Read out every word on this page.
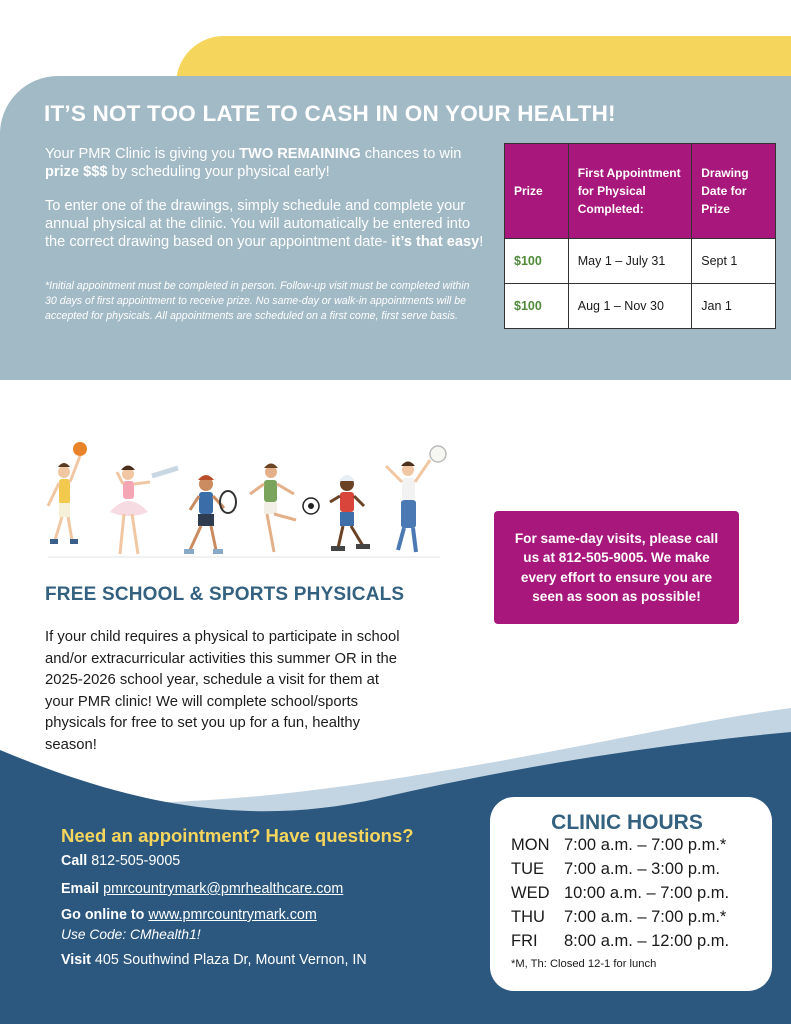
IT’S NOT TOO LATE TO CASH IN ON YOUR HEALTH!

Your PMR Clinic is giving you TWO REMAINING chances to win prize $$$ by scheduling your physical early!

To enter one of the drawings, simply schedule and complete your annual physical at the clinic. You will automatically be entered into the correct drawing based on your appointment date- it’s that easy!

*Initial appointment must be completed in person. Follow-up visit must be completed within 30 days of first appointment to receive prize. No same-day or walk-in appointments will be accepted for physicals. All appointments are scheduled on a first come, first serve basis.

Prize	First Appointment for Physical Completed:	Drawing Date for Prize
$100	May 1 – July 31	Sept 1
$100	Aug 1 – Nov 30	Jan 1
FREE SCHOOL & SPORTS PHYSICALS

If your child requires a physical to participate in school and/or extracurricular activities this summer OR in the 2025-2026 school year, schedule a visit for them at your PMR clinic! We will complete school/sports physicals for free to set you up for a fun, healthy season!

For same-day visits, please call us at 812-505-9005. We make every effort to ensure you are seen as soon as possible!
Need an appointment? Have questions?

Call 812-505-9005

Email pmrcountrymark@pmrhealthcare.com

Go online to www.pmrcountrymark.com

Use Code: CMhealth1!

Visit 405 Southwind Plaza Dr, Mount Vernon, IN

CLINIC HOURS
MON 7:00 a.m. – 7:00 p.m.*
TUE 7:00 a.m. – 3:00 p.m.
WED 10:00 a.m. – 7:00 p.m.
THU 7:00 a.m. – 7:00 p.m.*
FRI 8:00 a.m. – 12:00 p.m.

*M, Th: Closed 12-1 for lunch
